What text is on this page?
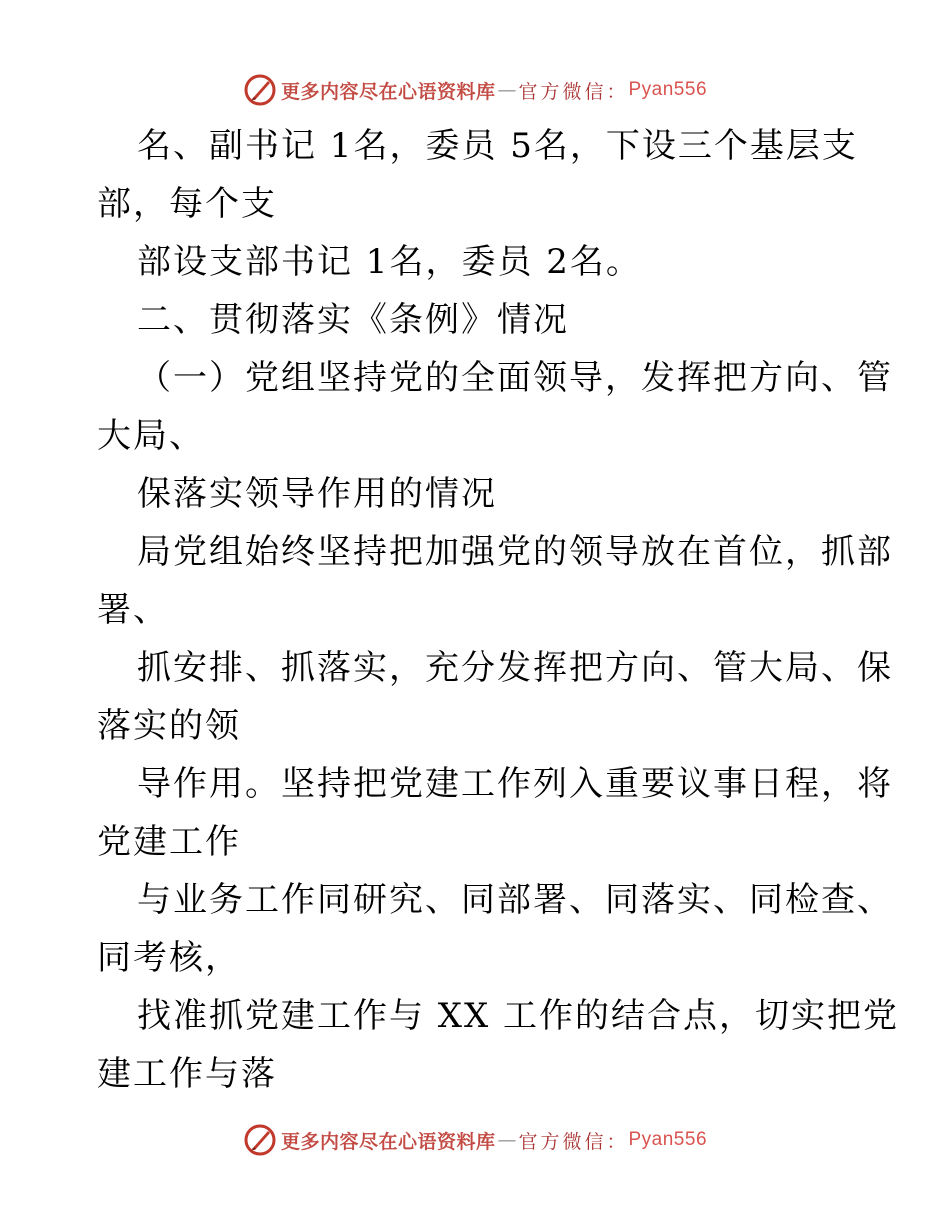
更多内容尽在心语资料库 — 官方微信： Pyan556
名、副书记 1名，委员 5名，下设三个基层支
部，每个支
部设支部书记 1名，委员 2名。
二、贯彻落实《条例》情况
（一）党组坚持党的全面领导，发挥把方向、管
大局、
保落实领导作用的情况
局党组始终坚持把加强党的领导放在首位，抓部
署、
抓安排、抓落实，充分发挥把方向、管大局、保
落实的领
导作用。坚持把党建工作列入重要议事日程，将
党建工作
与业务工作同研究、同部署、同落实、同检查、
同考核，
找准抓党建工作与 XX 工作的结合点，切实把党
建工作与落
更多内容尽在心语资料库 — 官方微信： Pyan556
